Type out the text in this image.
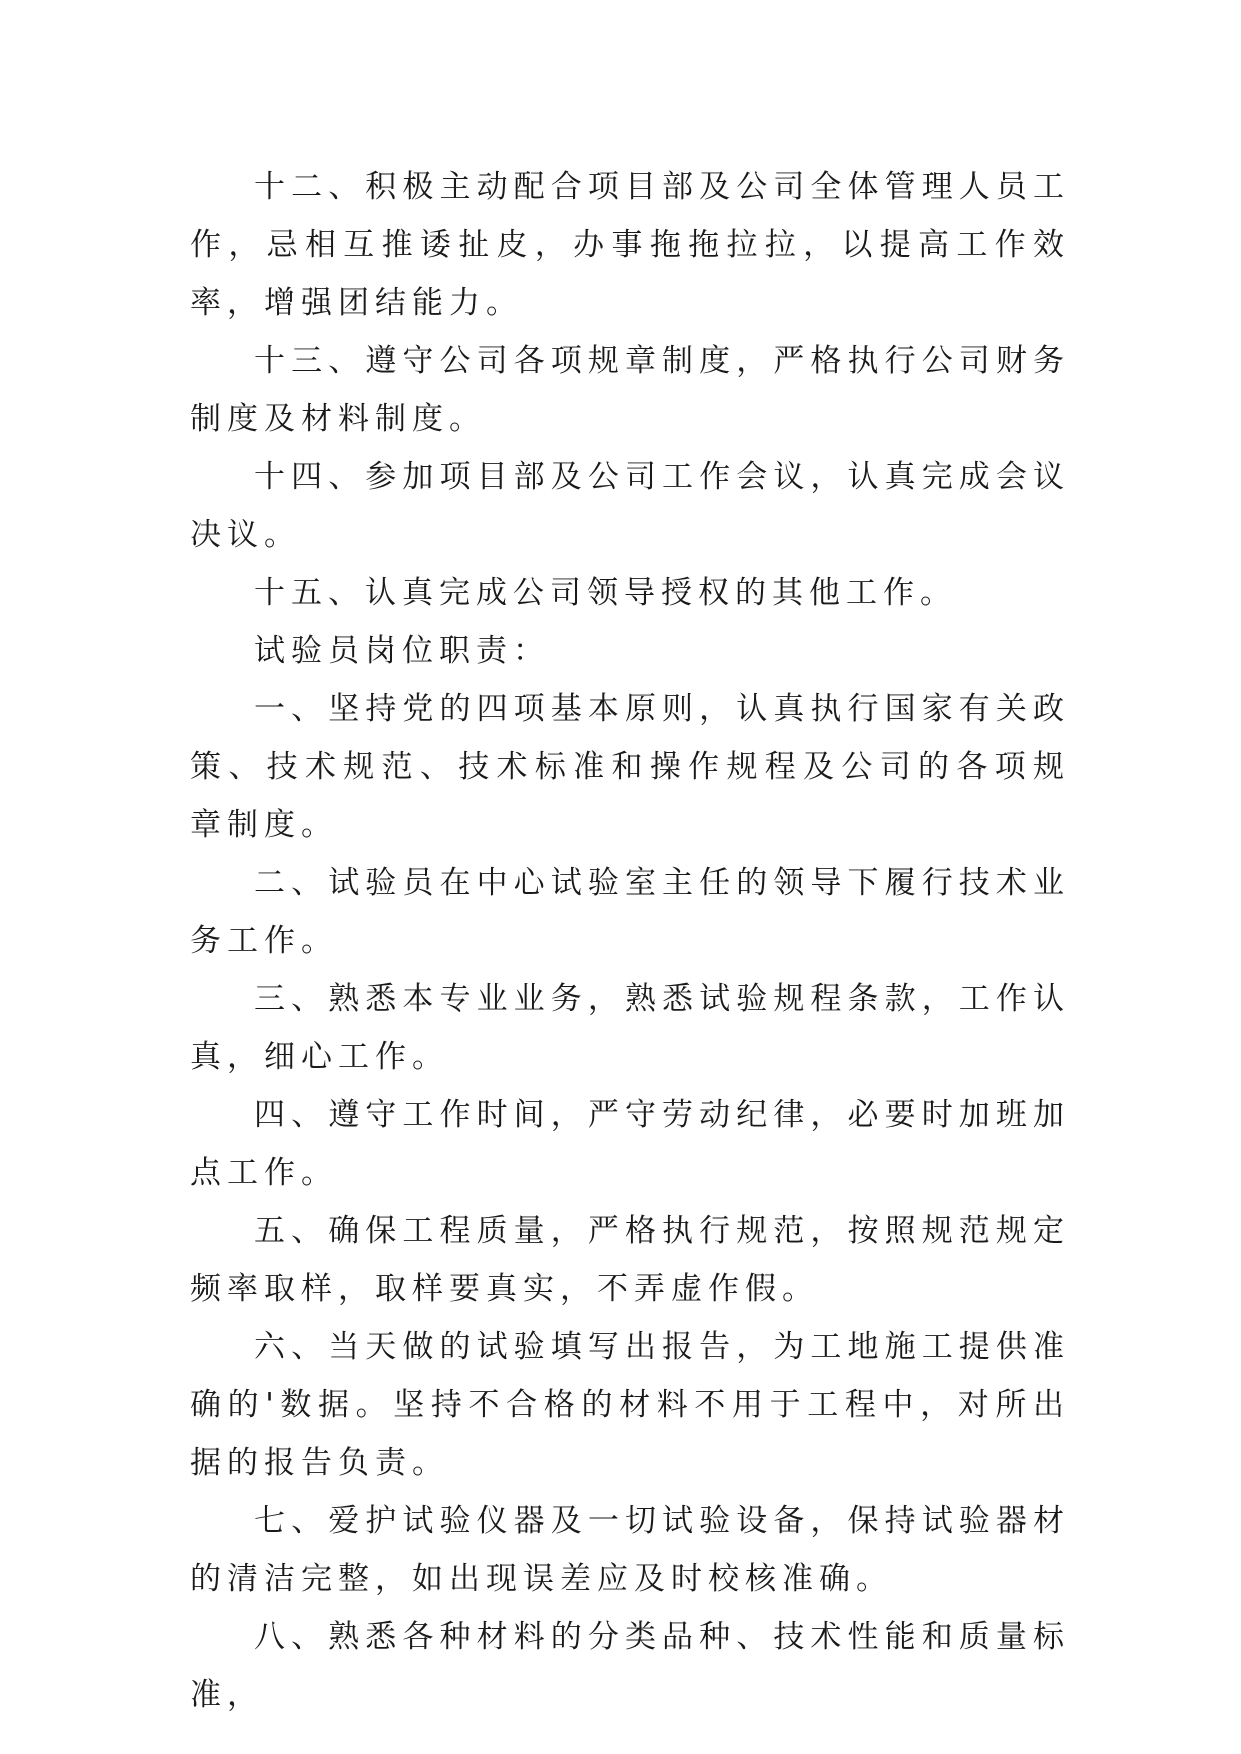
十二、积极主动配合项目部及公司全体管理人员工作，忌相互推诿扯皮，办事拖拖拉拉，以提高工作效率，增强团结能力。

十三、遵守公司各项规章制度，严格执行公司财务制度及材料制度。

十四、参加项目部及公司工作会议，认真完成会议决议。

十五、认真完成公司领导授权的其他工作。

试验员岗位职责：

一、坚持党的四项基本原则，认真执行国家有关政策、技术规范、技术标准和操作规程及公司的各项规章制度。

二、试验员在中心试验室主任的领导下履行技术业务工作。

三、熟悉本专业业务，熟悉试验规程条款，工作认真，细心工作。

四、遵守工作时间，严守劳动纪律，必要时加班加点工作。

五、确保工程质量，严格执行规范，按照规范规定频率取样，取样要真实，不弄虚作假。

六、当天做的试验填写出报告，为工地施工提供准确的'数据。坚持不合格的材料不用于工程中，对所出据的报告负责。

七、爱护试验仪器及一切试验设备，保持试验器材的清洁完整，如出现误差应及时校核准确。

八、熟悉各种材料的分类品种、技术性能和质量标准，
